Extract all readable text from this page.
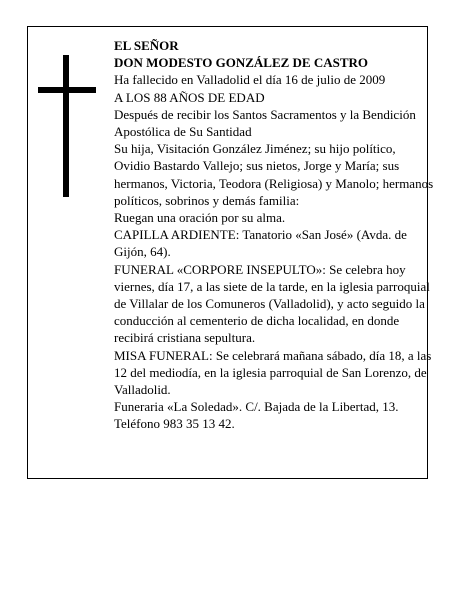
EL SEÑOR

DON MODESTO GONZÁLEZ DE CASTRO

Ha fallecido en Valladolid el día 16 de julio de 2009

A LOS 88 AÑOS DE EDAD

Después de recibir los Santos Sacramentos y la Bendición Apostólica de Su Santidad

Su hija, Visitación González Jiménez; su hijo político, Ovidio Bastardo Vallejo; sus nietos, Jorge y María; sus hermanos, Victoria, Teodora (Religiosa) y Manolo; hermanos políticos, sobrinos y demás familia:

Ruegan una oración por su alma.

CAPILLA ARDIENTE: Tanatorio «San José» (Avda. de Gijón, 64).

FUNERAL «CORPORE INSEPULTO»: Se celebra hoy viernes, día 17, a las siete de la tarde, en la iglesia parroquial de Villalar de los Comuneros (Valladolid), y acto seguido la conducción al cementerio de dicha localidad, en donde recibirá cristiana sepultura.

MISA FUNERAL: Se celebrará mañana sábado, día 18, a las 12 del mediodía, en la iglesia parroquial de San Lorenzo, de Valladolid.

Funeraria «La Soledad». C/. Bajada de la Libertad, 13. Teléfono 983 35 13 42.
